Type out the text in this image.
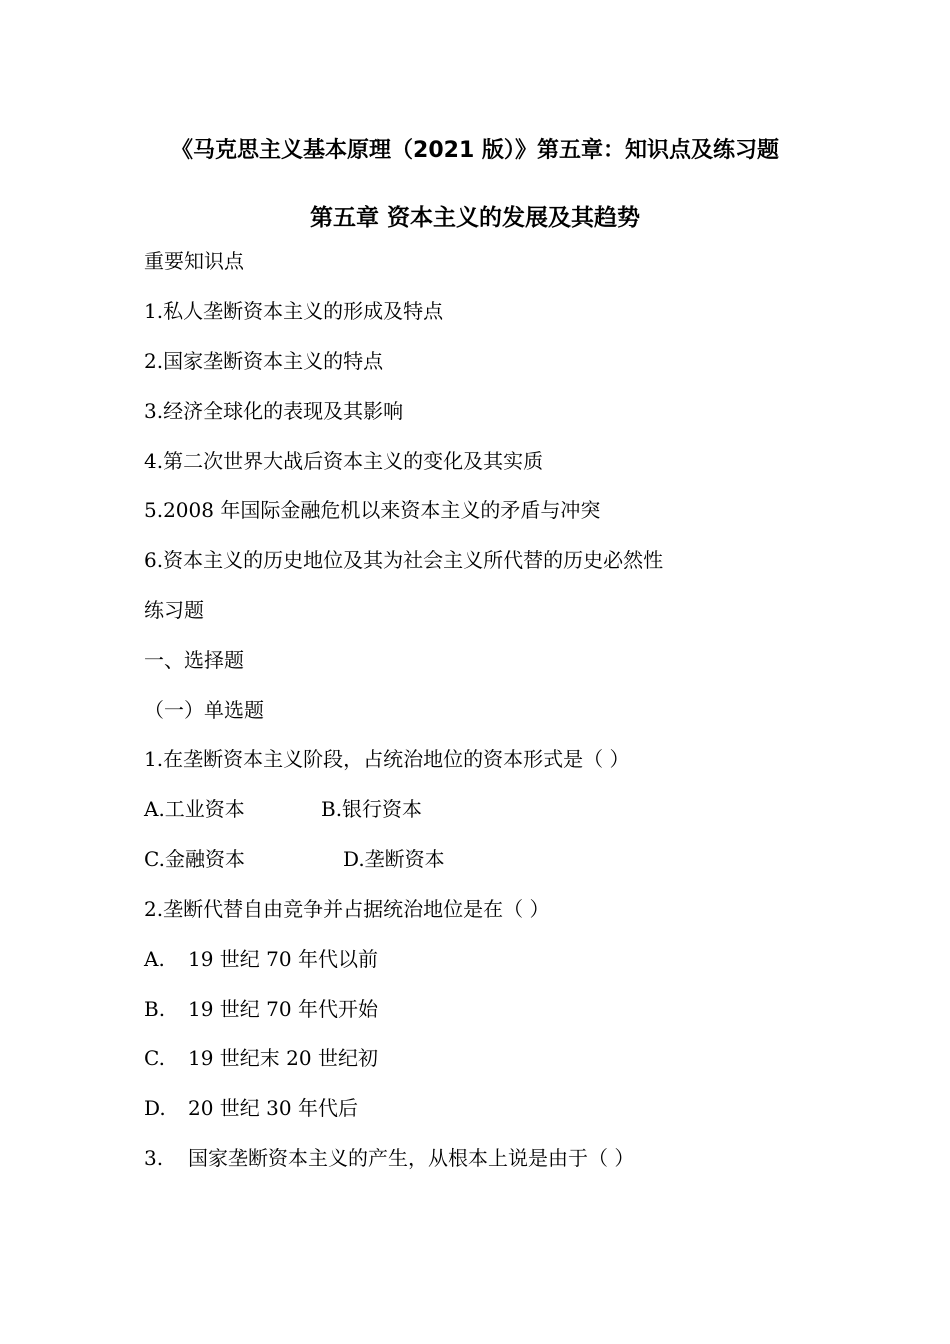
《马克思主义基本原理（2021 版）》第五章：知识点及练习题
第五章 资本主义的发展及其趋势
重要知识点
1.私人垄断资本主义的形成及特点
2.国家垄断资本主义的特点
3.经济全球化的表现及其影响
4.第二次世界大战后资本主义的变化及其实质
5.2008 年国际金融危机以来资本主义的矛盾与冲突
6.资本主义的历史地位及其为社会主义所代替的历史必然性
练习题
一、选择题
（一）单选题
1.在垄断资本主义阶段，占统治地位的资本形式是（ ）
A.工业资本	B.银行资本
C.金融资本	D.垄断资本
2.垄断代替自由竞争并占据统治地位是在（ ）
A. 19 世纪 70 年代以前
B. 19 世纪 70 年代开始
C. 19 世纪末 20 世纪初
D. 20 世纪 30 年代后
3. 国家垄断资本主义的产生，从根本上说是由于（ ）
